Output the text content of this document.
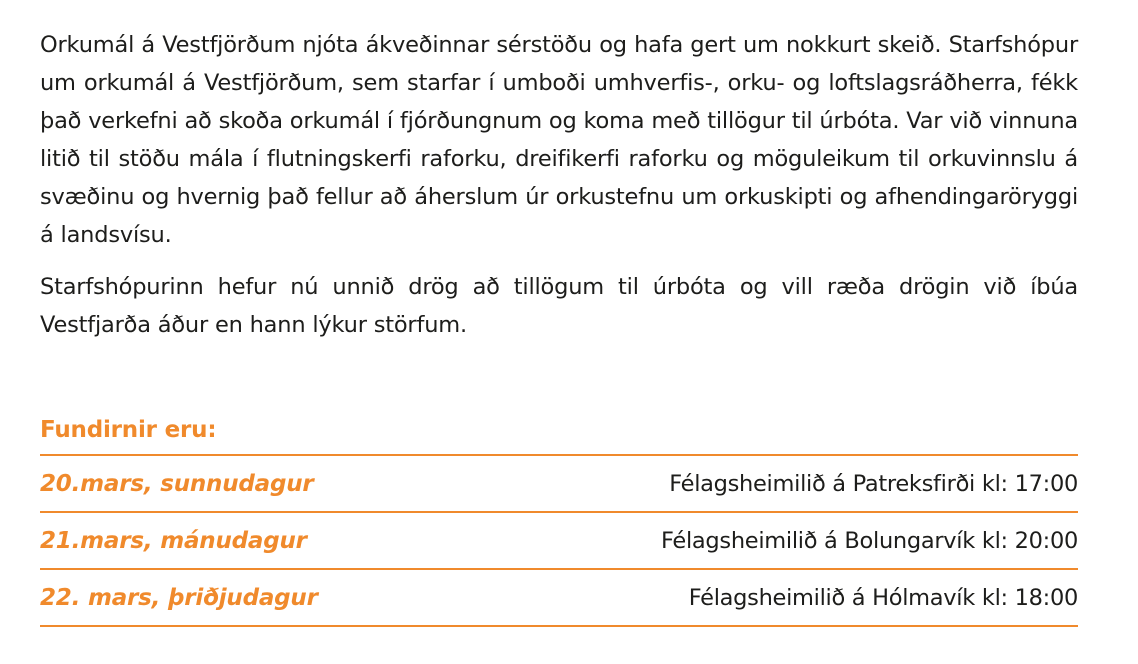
Orkumál á Vestfjörðum njóta ákveðinnar sérstöðu og hafa gert um nokkurt skeið. Starfshópur um orkumál á Vestfjörðum, sem starfar í umboði umhverfis-, orku- og loftslagsráðherra, fékk það verkefni að skoða orkumál í fjórðungnum og koma með tillögur til úrbóta. Var við vinnuna litið til stöðu mála í flutningskerfi raforku, dreifikerfi raforku og möguleikum til orkuvinnslu á svæðinu og hvernig það fellur að áherslum úr orkustefnu um orkuskipti og afhendingaröryggi á landsvísu.

Starfshópurinn hefur nú unnið drög að tillögum til úrbóta og vill ræða drögin við íbúa Vestfjarða áður en hann lýkur störfum.

Fundirnir eru:
20.mars, sunnudagur	Félagsheimilið á Patreksfirði kl: 17:00
21.mars, mánudagur	Félagsheimilið á Bolungarvík kl: 20:00
22. mars, þriðjudagur	Félagsheimilið á Hólmavík kl: 18:00
